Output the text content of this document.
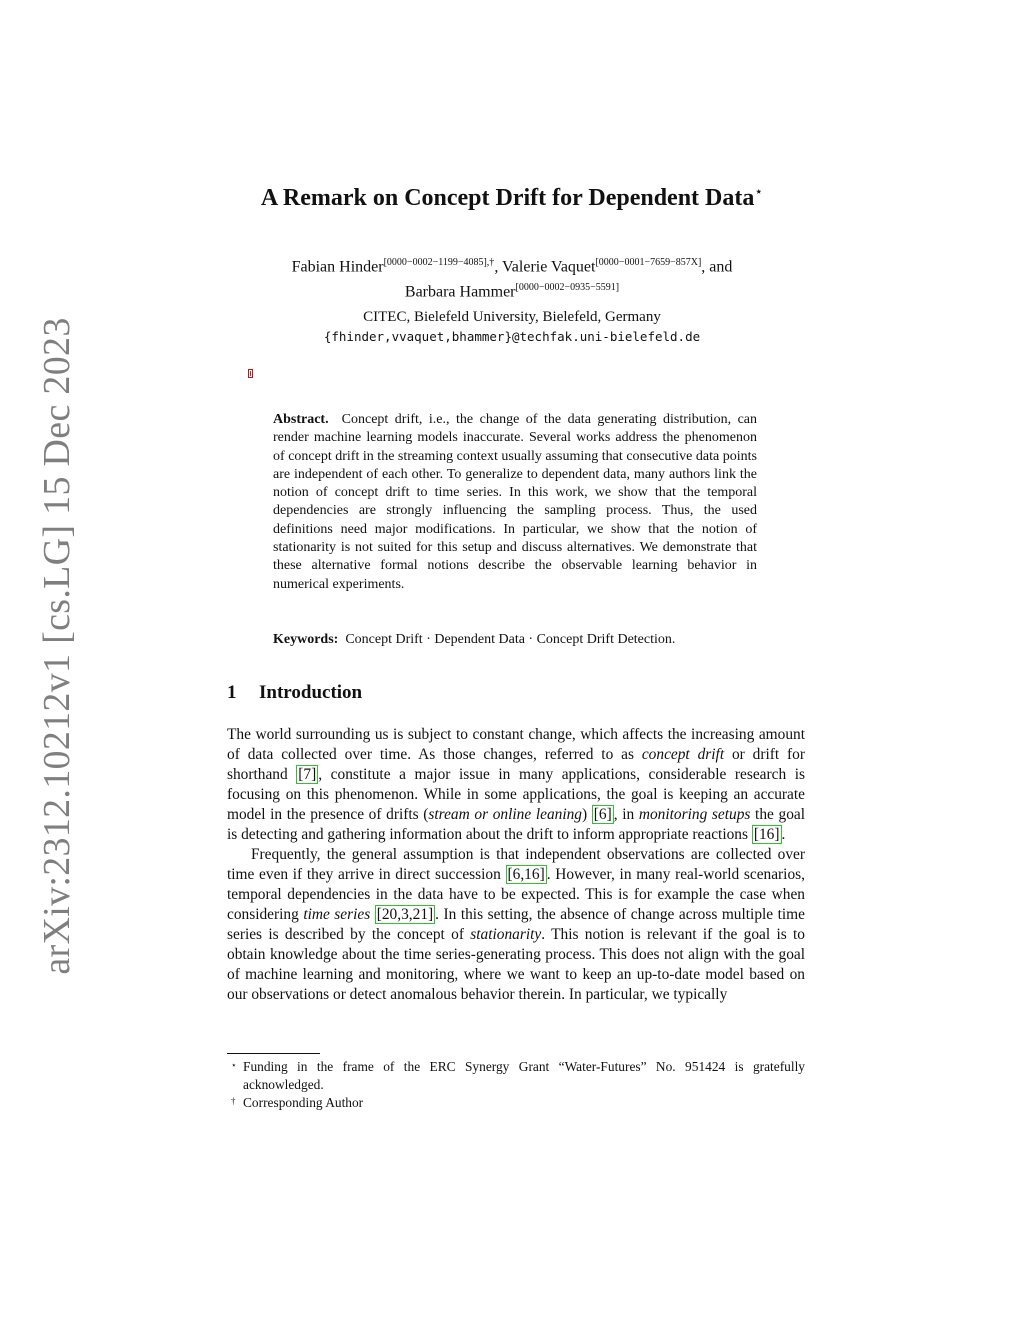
arXiv:2312.10212v1 [cs.LG] 15 Dec 2023
A Remark on Concept Drift for Dependent Data⋆

Fabian Hinder$^{[0000-0002-1199-4085],\dagger}$, Valerie Vaquet[0000−0001−7659−857X], and
Barbara Hammer[0000−0002−0935−5591]

CITEC, Bielefeld University, Bielefeld, Germany
{fhinder,vvaquet,bhammer}@techfak.uni-bielefeld.de

Abstract. Concept drift, i.e., the change of the data generating distribution, can render machine learning models inaccurate. Several works address the phenomenon of concept drift in the streaming context usually assuming that consecutive data points are independent of each other. To generalize to dependent data, many authors link the notion of concept drift to time series. In this work, we show that the temporal dependencies are strongly influencing the sampling process. Thus, the used definitions need major modifications. In particular, we show that the notion of stationarity is not suited for this setup and discuss alternatives. We demonstrate that these alternative formal notions describe the observable learning behavior in numerical experiments.

Keywords: Concept Drift · Dependent Data · Concept Drift Detection.

1 Introduction

The world surrounding us is subject to constant change, which affects the increasing amount of data collected over time. As those changes, referred to as concept drift or drift for shorthand [7] , constitute a major issue in many applications, considerable research is focusing on this phenomenon. While in some applications, the goal is keeping an accurate model in the presence of drifts (stream or online leaning) [6] , in monitoring setups the goal is detecting and gathering information about the drift to inform appropriate reactions [16] .

Frequently, the general assumption is that independent observations are collected over time even if they arrive in direct succession [6,16] . However, in many real-world scenarios, temporal dependencies in the data have to be expected. This is for example the case when considering time series [20,3,21] . In this setting, the absence of change across multiple time series is described by the concept of stationarity. This notion is relevant if the goal is to obtain knowledge about the time series-generating process. This does not align with the goal of machine learning and monitoring, where we want to keep an up-to-date model based on our observations or detect anomalous behavior therein. In particular, we typically

⋆ Funding in the frame of the ERC Synergy Grant “Water-Futures” No. 951424 is gratefully acknowledged.

† Corresponding Author
